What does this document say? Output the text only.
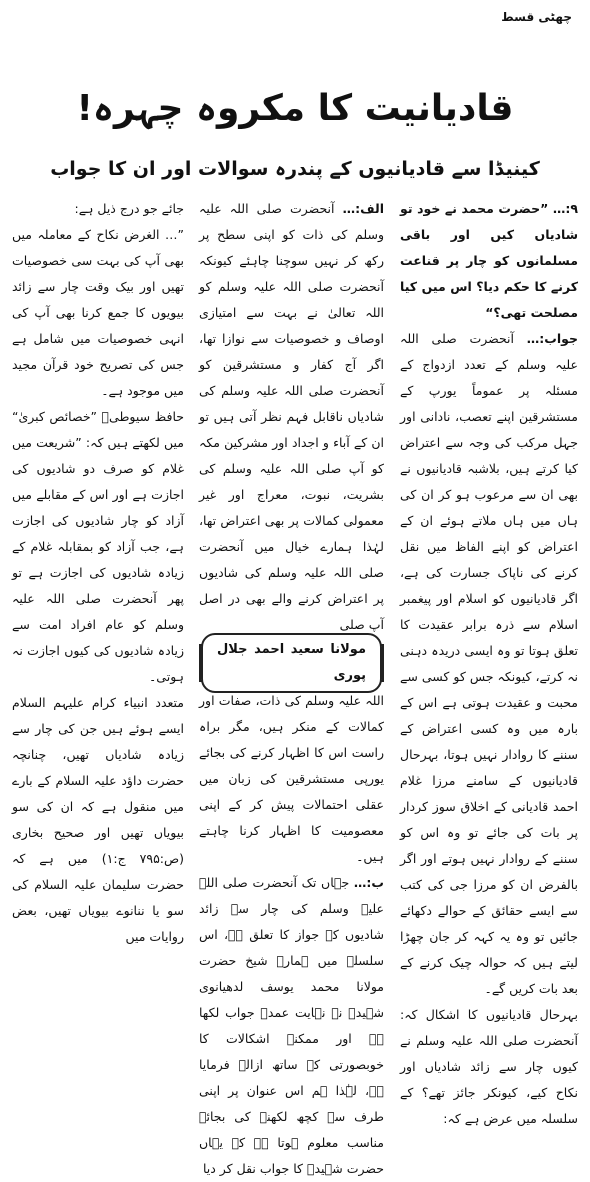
چھٹی قسط
قادیانیت کا مکروہ چہرہ!
کینیڈا سے قادیانیوں کے پندرہ سوالات اور ان کا جواب

۹:… ”حضرت محمد نے خود تو شادیاں کیں اور باقی مسلمانوں کو چار پر قناعت کرنے کا حکم دیا؟ اس میں کیا مصلحت تھی؟“

جواب:… آنحضرت صلی اللہ علیہ وسلم کے تعدد ازدواج کے مسئلہ پر عموماً یورپ کے مستشرقین اپنے تعصب، نادانی اور جہل مرکب کی وجہ سے اعتراض کیا کرتے ہیں، بلاشبہ قادیانیوں نے بھی ان سے مرعوب ہو کر ان کی ہاں میں ہاں ملاتے ہوئے ان کے اعتراض کو اپنے الفاظ میں نقل کرنے کی ناپاک جسارت کی ہے، اگر قادیانیوں کو اسلام اور پیغمبر اسلام سے ذرہ برابر عقیدت کا تعلق ہوتا تو وہ ایسی دریدہ دہنی نہ کرتے، کیونکہ جس کو کسی سے محبت و عقیدت ہوتی ہے اس کے بارہ میں وہ کسی اعتراض کے سننے کا روادار نہیں ہوتا، بہرحال قادیانیوں کے سامنے مرزا غلام احمد قادیانی کے اخلاق سوز کردار پر بات کی جائے تو وہ اس کو سننے کے روادار نہیں ہوتے اور اگر بالفرض ان کو مرزا جی کی کتب سے ایسے حقائق کے حوالے دکھائے جائیں تو وہ یہ کہہ کر جان چھڑا لیتے ہیں کہ حوالہ چیک کرنے کے بعد بات کریں گے۔

بہرحال قادیانیوں کا اشکال کہ: آنحضرت صلی اللہ علیہ وسلم نے کیوں چار سے زائد شادیاں اور نکاح کیے، کیونکر جائز تھے؟ کے سلسلہ میں عرض ہے کہ:

الف:… آنحضرت صلی اللہ علیہ وسلم کی ذات کو اپنی سطح پر رکھ کر نہیں سوچنا چاہئے کیونکہ آنحضرت صلی اللہ علیہ وسلم کو اللہ تعالیٰ نے بہت سے امتیازی اوصاف و خصوصیات سے نوازا تھا، اگر آج کفار و مستشرقین کو آنحضرت صلی اللہ علیہ وسلم کی شادیاں ناقابل فہم نظر آتی ہیں تو ان کے آباء و اجداد اور مشرکین مکہ کو آپ صلی اللہ علیہ وسلم کی بشریت، نبوت، معراج اور غیر معمولی کمالات پر بھی اعتراض تھا، لہٰذا ہمارے خیال میں آنحضرت صلی اللہ علیہ وسلم کی شادیوں پر اعتراض کرنے والے بھی در اصل آپ صلی

مولانا سعید احمد جلال پوری

اللہ علیہ وسلم کی ذات، صفات اور کمالات کے منکر ہیں، مگر براہ راست اس کا اظہار کرنے کی بجائے یورپی مستشرقین کی زبان میں عقلی احتمالات پیش کر کے اپنی معصومیت کا اظہار کرنا چاہتے ہیں۔

ب:… جہاں تک آنحضرت صلی اللہ علیہ وسلم کی چار سے زائد شادیوں کے جواز کا تعلق ہے، اس سلسلہ میں ہمارے شیخ حضرت مولانا محمد یوسف لدھیانوی شہیدؒ نے نہایت عمدہ جواب لکھا ہے اور ممکنہ اشکالات کا خوبصورتی کے ساتھ ازالہ فرمایا ہے، لہٰذا ہم اس عنوان پر اپنی طرف سے کچھ لکھنے کی بجائے مناسب معلوم ہوتا ہے کہ یہاں حضرت شہیدؒ کا جواب نقل کر دیا

جائے جو درج ذیل ہے:

”… الغرض نکاح کے معاملہ میں بھی آپ کی بہت سی خصوصیات تھیں اور بیک وقت چار سے زائد بیویوں کا جمع کرنا بھی آپ کی انہی خصوصیات میں شامل ہے جس کی تصریح خود قرآن مجید میں موجود ہے۔

حافظ سیوطیؒ ”خصائص کبریٰ“ میں لکھتے ہیں کہ: ”شریعت میں غلام کو صرف دو شادیوں کی اجازت ہے اور اس کے مقابلے میں آزاد کو چار شادیوں کی اجازت ہے، جب آزاد کو بمقابلہ غلام کے زیادہ شادیوں کی اجازت ہے تو پھر آنحضرت صلی اللہ علیہ وسلم کو عام افراد امت سے زیادہ شادیوں کی کیوں اجازت نہ ہوتی۔

متعدد انبیاء کرام علیہم السلام ایسے ہوئے ہیں جن کی چار سے زیادہ شادیاں تھیں، چنانچہ حضرت داؤد علیہ السلام کے بارے میں منقول ہے کہ ان کی سو بیویاں تھیں اور صحیح بخاری (ص:۷۹۵ ج:۱) میں ہے کہ حضرت سلیمان علیہ السلام کی سو یا ننانوے بیویاں تھیں، بعض روایات میں
